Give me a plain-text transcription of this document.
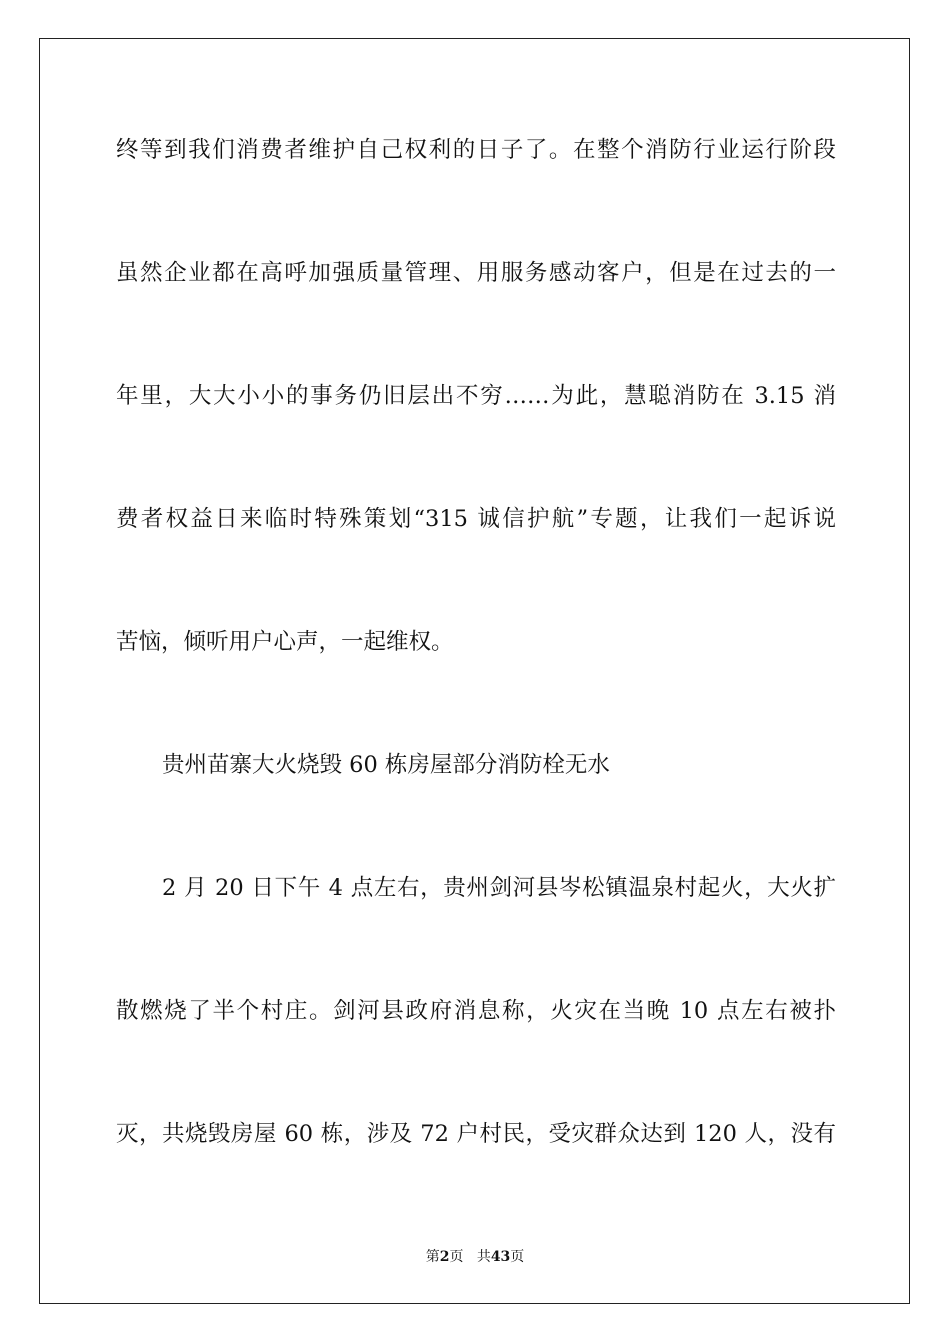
终等到我们消费者维护自己权利的日子了。在整个消防行业运行阶段
虽然企业都在高呼加强质量管理、用服务感动客户，但是在过去的一
年里，大大小小的事务仍旧层出不穷……为此，慧聪消防在 3.15 消
费者权益日来临时特殊策划“315 诚信护航”专题，让我们一起诉说
苦恼，倾听用户心声，一起维权。
贵州苗寨大火烧毁 60 栋房屋部分消防栓无水
2 月 20 日下午 4 点左右，贵州剑河县岑松镇温泉村起火，大火扩
散燃烧了半个村庄。剑河县政府消息称，火灾在当晚 10 点左右被扑
灭，共烧毁房屋 60 栋，涉及 72 户村民，受灾群众达到 120 人，没有
第2页 共43页
